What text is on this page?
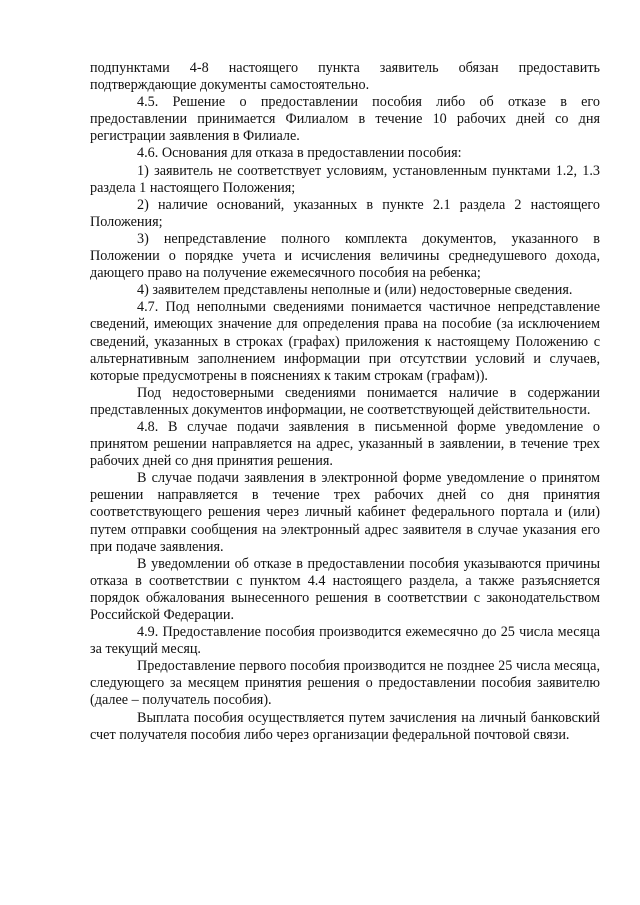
подпунктами 4-8 настоящего пункта заявитель обязан предоставить подтверждающие документы самостоятельно.

4.5. Решение о предоставлении пособия либо об отказе в его предоставлении принимается Филиалом в течение 10 рабочих дней со дня регистрации заявления в Филиале.

4.6. Основания для отказа в предоставлении пособия:

1) заявитель не соответствует условиям, установленным пунктами 1.2, 1.3 раздела 1 настоящего Положения;

2) наличие оснований, указанных в пункте 2.1 раздела 2 настоящего Положения;

3) непредставление полного комплекта документов, указанного в Положении о порядке учета и исчисления величины среднедушевого дохода, дающего право на получение ежемесячного пособия на ребенка;

4) заявителем представлены неполные и (или) недостоверные сведения.

4.7. Под неполными сведениями понимается частичное непредставление сведений, имеющих значение для определения права на пособие (за исключением сведений, указанных в строках (графах) приложения к настоящему Положению с альтернативным заполнением информации при отсутствии условий и случаев, которые предусмотрены в пояснениях к таким строкам (графам)).

Под недостоверными сведениями понимается наличие в содержании представленных документов информации, не соответствующей действительности.

4.8. В случае подачи заявления в письменной форме уведомление о принятом решении направляется на адрес, указанный в заявлении, в течение трех рабочих дней со дня принятия решения.

В случае подачи заявления в электронной форме уведомление о принятом решении направляется в течение трех рабочих дней со дня принятия соответствующего решения через личный кабинет федерального портала и (или) путем отправки сообщения на электронный адрес заявителя в случае указания его при подаче заявления.

В уведомлении об отказе в предоставлении пособия указываются причины отказа в соответствии с пунктом 4.4 настоящего раздела, а также разъясняется порядок обжалования вынесенного решения в соответствии с законодательством Российской Федерации.

4.9. Предоставление пособия производится ежемесячно до 25 числа месяца за текущий месяц.

Предоставление первого пособия производится не позднее 25 числа месяца, следующего за месяцем принятия решения о предоставлении пособия заявителю (далее – получатель пособия).

Выплата пособия осуществляется путем зачисления на личный банковский счет получателя пособия либо через организации федеральной почтовой связи.
